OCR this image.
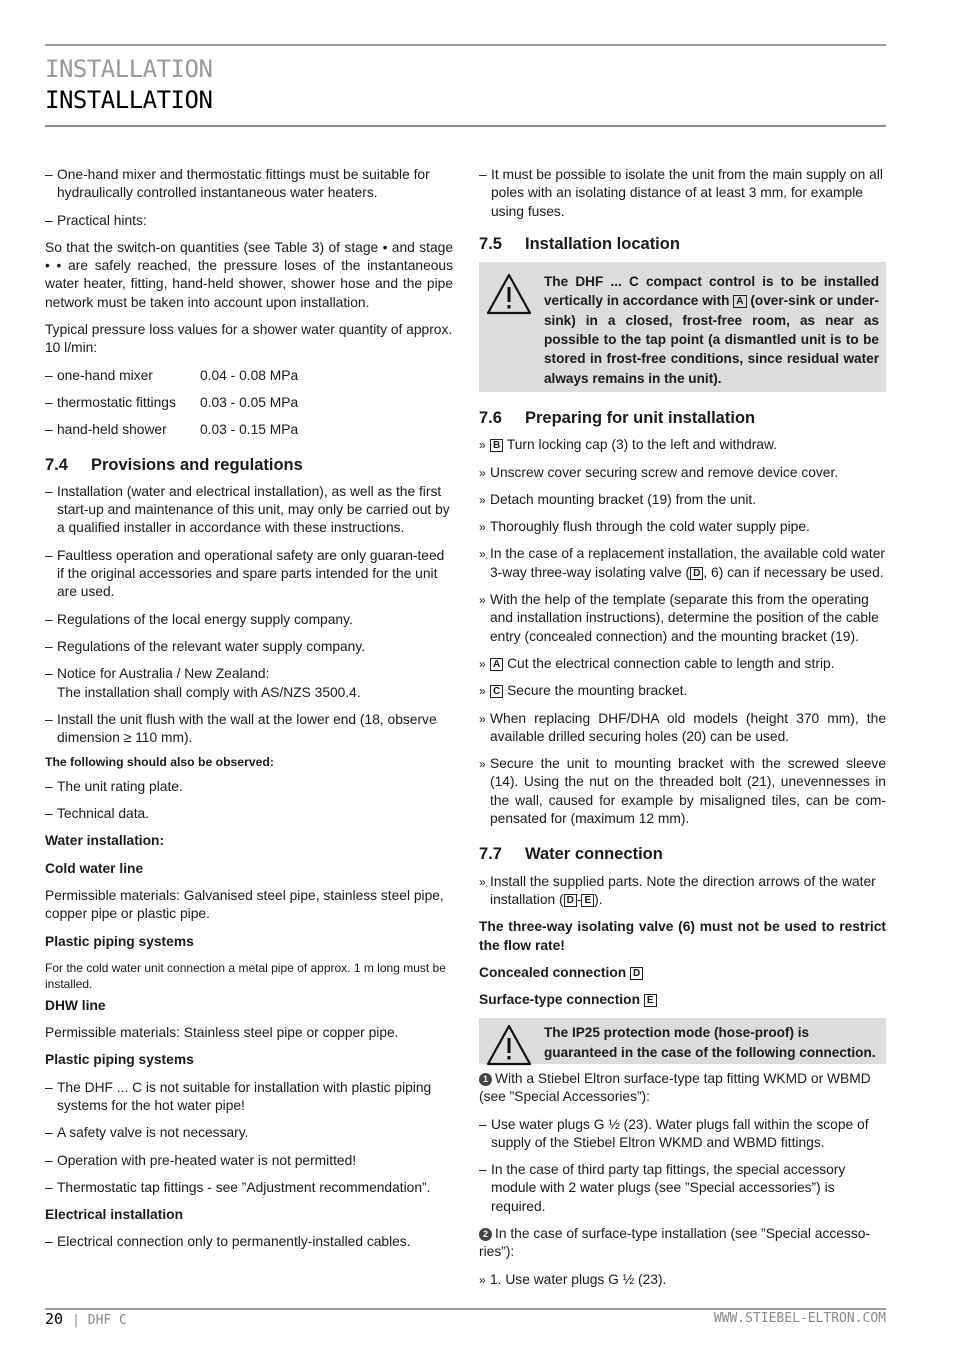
INSTALLATION
INSTALLATION
– One-hand mixer and thermostatic fittings must be suitable for hydraulically controlled instantaneous water heaters.
– Practical hints:

So that the switch-on quantities (see Table 3) of stage • and stage • • are safely reached, the pressure loses of the instantaneous water heater, fitting, hand-held shower, shower hose and the pipe network must be taken into account upon installation.

Typical pressure loss values for a shower water quantity of approx. 10 l/min:

– one-hand mixer	0.04 - 0.08 MPa
– thermostatic fittings 0.03 - 0.05 MPa
– hand-held shower 0.03 - 0.15 MPa
7.4 Provisions and regulations
– Installation (water and electrical installation), as well as the first start-up and maintenance of this unit, may only be carried out by a qualified installer in accordance with these instructions.
– Faultless operation and operational safety are only guaran-teed if the original accessories and spare parts intended for the unit are used.
– Regulations of the local energy supply company.
– Regulations of the relevant water supply company.
– Notice for Australia / New Zealand:
The installation shall comply with AS/NZS 3500.4.
– Install the unit flush with the wall at the lower end (18, observe dimension ≥ 110 mm).
The following should also be observed:
– The unit rating plate.
– Technical data.
Water installation:
Cold water line

Permissible materials: Galvanised steel pipe, stainless steel pipe, copper pipe or plastic pipe.

Plastic piping systems

For the cold water unit connection a metal pipe of approx. 1 m long must be installed.

DHW line

Permissible materials: Stainless steel pipe or copper pipe.

Plastic piping systems
– The DHF ... C is not suitable for installation with plastic piping systems for the hot water pipe!
– A safety valve is not necessary.
– Operation with pre-heated water is not permitted!
– Thermostatic tap fittings - see ”Adjustment recommendation”.
Electrical installation
– Electrical connection only to permanently-installed cables.
– It must be possible to isolate the unit from the main supply on all poles with an isolating distance of at least 3 mm, for example using fuses.
7.5 Installation location
The DHF ... C compact control is to be installed vertically in accordance with A (over-sink or under-sink) in a closed, frost-free room, as near as possible to the tap point (a dismantled unit is to be stored in frost-free conditions, since residual water always remains in the unit).
7.6 Preparing for unit installation
» B Turn locking cap (3) to the left and withdraw.
» Unscrew cover securing screw and remove device cover.
» Detach mounting bracket (19) from the unit.
» Thoroughly flush through the cold water supply pipe.
» In the case of a replacement installation, the available cold water 3-way three-way isolating valve ( D , 6) can if necessary be used.
» With the help of the template (separate this from the operating and installation instructions), determine the position of the cable entry (concealed connection) and the mounting bracket (19).
» A Cut the electrical connection cable to length and strip.
» C Secure the mounting bracket.
» When replacing DHF/DHA old models (height 370 mm), the available drilled securing holes (20) can be used.
» Secure the unit to mounting bracket with the screwed sleeve (14). Using the nut on the threaded bolt (21), unevennesses in the wall, caused for example by misaligned tiles, can be com-pensated for (maximum 12 mm).
7.7 Water connection
» Install the supplied parts. Note the direction arrows of the water installation ( D - E ).
The three-way isolating valve (6) must not be used to restrict the flow rate!
Concealed connection D
Surface-type connection E
The IP25 protection mode (hose-proof) is guaranteed in the case of the following connection.

1 With a Stiebel Eltron surface-type tap fitting WKMD or WBMD (see ”Special Accessories”):

– Use water plugs G ½ (23). Water plugs fall within the scope of supply of the Stiebel Eltron WKMD and WBMD fittings.
– In the case of third party tap fittings, the special accessory module with 2 water plugs (see ”Special accessories”) is required.

2 In the case of surface-type installation (see ”Special accesso-ries”):

» 1. Use water plugs G ½ (23).
20 | DHF C	WWW.STIEBEL-ELTRON.COM
